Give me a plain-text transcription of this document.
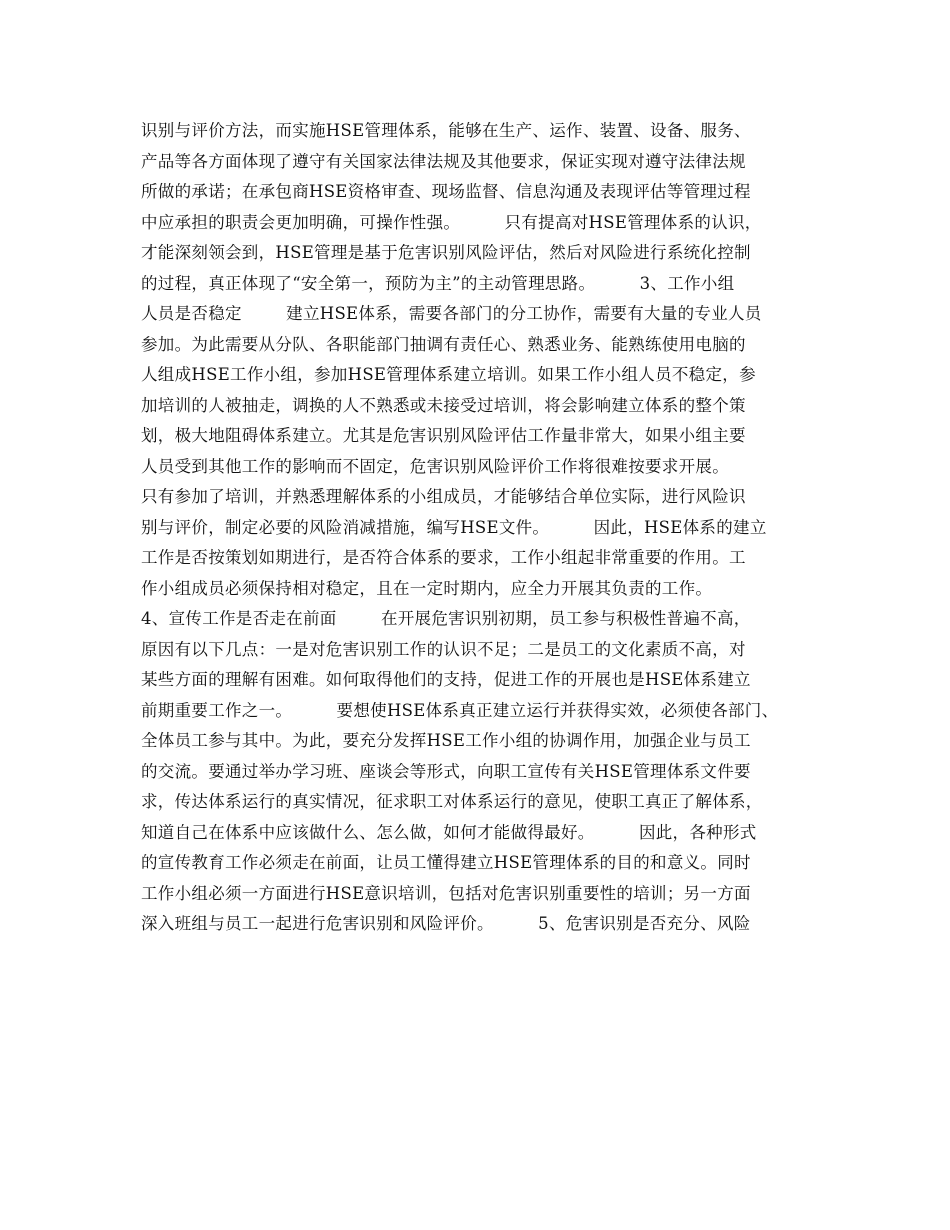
识别与评价方法，而实施HSE管理体系，能够在生产、运作、装置、设备、服务、
产品等各方面体现了遵守有关国家法律法规及其他要求，保证实现对遵守法律法规
所做的承诺；在承包商HSE资格审查、现场监督、信息沟通及表现评估等管理过程
中应承担的职责会更加明确，可操作性强。        只有提高对HSE管理体系的认识，
才能深刻领会到，HSE管理是基于危害识别风险评估，然后对风险进行系统化控制
的过程，真正体现了“安全第一，预防为主”的主动管理思路。        3、工作小组
人员是否稳定        建立HSE体系，需要各部门的分工协作，需要有大量的专业人员
参加。为此需要从分队、各职能部门抽调有责任心、熟悉业务、能熟练使用电脑的
人组成HSE工作小组，参加HSE管理体系建立培训。如果工作小组人员不稳定，参
加培训的人被抽走，调换的人不熟悉或未接受过培训，将会影响建立体系的整个策
划，极大地阻碍体系建立。尤其是危害识别风险评估工作量非常大，如果小组主要
人员受到其他工作的影响而不固定，危害识别风险评价工作将很难按要求开展。
只有参加了培训，并熟悉理解体系的小组成员，才能够结合单位实际，进行风险识
别与评价，制定必要的风险消减措施，编写HSE文件。        因此，HSE体系的建立
工作是否按策划如期进行，是否符合体系的要求，工作小组起非常重要的作用。工
作小组成员必须保持相对稳定，且在一定时期内，应全力开展其负责的工作。
4、宣传工作是否走在前面        在开展危害识别初期，员工参与积极性普遍不高，
原因有以下几点：一是对危害识别工作的认识不足；二是员工的文化素质不高，对
某些方面的理解有困难。如何取得他们的支持，促进工作的开展也是HSE体系建立
前期重要工作之一。        要想使HSE体系真正建立运行并获得实效，必须使各部门、
全体员工参与其中。为此，要充分发挥HSE工作小组的协调作用，加强企业与员工
的交流。要通过举办学习班、座谈会等形式，向职工宣传有关HSE管理体系文件要
求，传达体系运行的真实情况，征求职工对体系运行的意见，使职工真正了解体系，
知道自己在体系中应该做什么、怎么做，如何才能做得最好。        因此，各种形式
的宣传教育工作必须走在前面，让员工懂得建立HSE管理体系的目的和意义。同时
工作小组必须一方面进行HSE意识培训，包括对危害识别重要性的培训；另一方面
深入班组与员工一起进行危害识别和风险评价。        5、危害识别是否充分、风险
